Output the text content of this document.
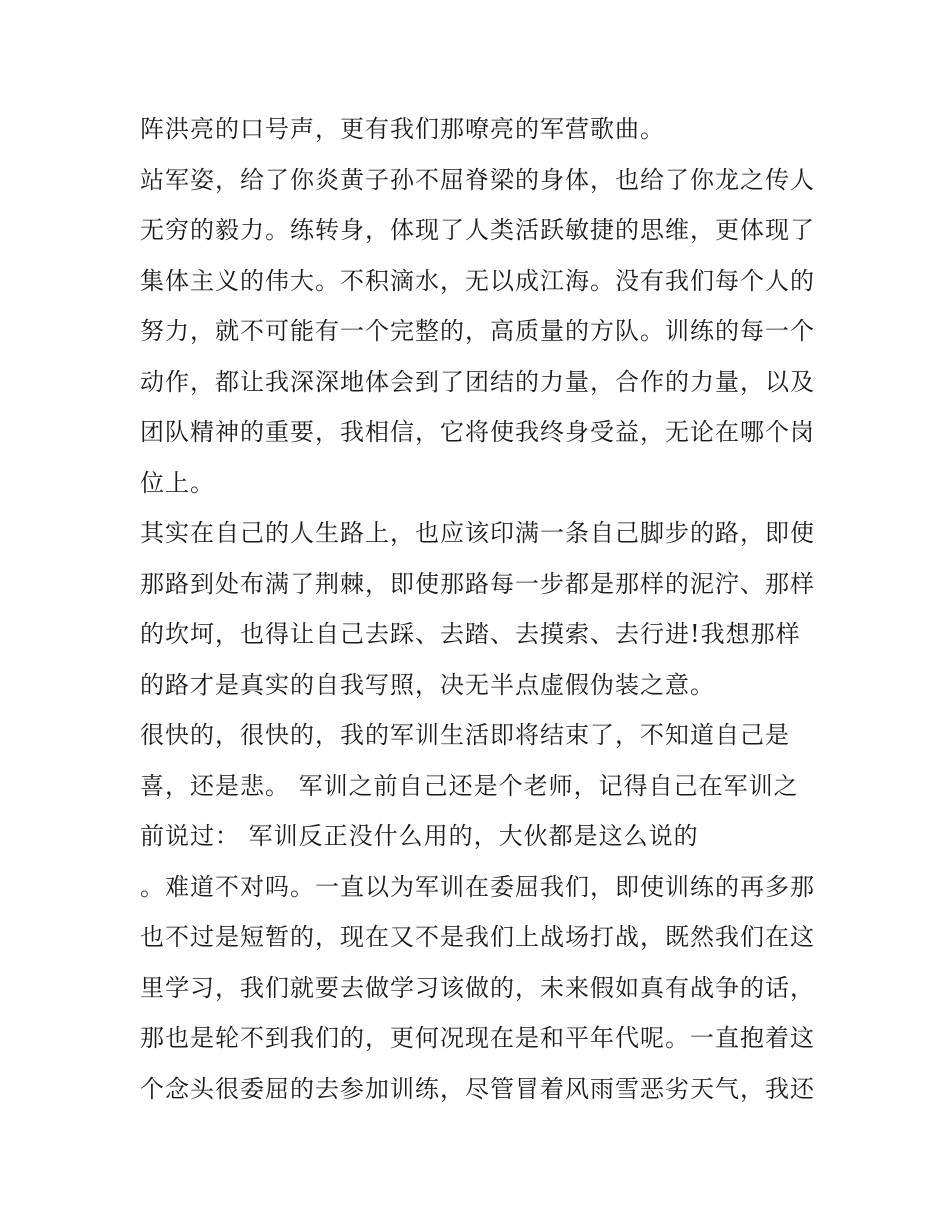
阵洪亮的口号声，更有我们那嘹亮的军营歌曲。
站军姿，给了你炎黄子孙不屈脊梁的身体，也给了你龙之传人
无穷的毅力。练转身，体现了人类活跃敏捷的思维，更体现了
集体主义的伟大。不积滴水，无以成江海。没有我们每个人的
努力，就不可能有一个完整的，高质量的方队。训练的每一个
动作，都让我深深地体会到了团结的力量，合作的力量，以及
团队精神的重要，我相信，它将使我终身受益，无论在哪个岗
位上。
其实在自己的人生路上，也应该印满一条自己脚步的路，即使
那路到处布满了荆棘，即使那路每一步都是那样的泥泞、那样
的坎坷，也得让自己去踩、去踏、去摸索、去行进!我想那样
的路才是真实的自我写照，决无半点虚假伪装之意。
很快的，很快的，我的军训生活即将结束了，不知道自己是
喜，还是悲。 军训之前自己还是个老师，记得自己在军训之
前说过： 军训反正没什么用的，大伙都是这么说的
。难道不对吗。一直以为军训在委屈我们，即使训练的再多那
也不过是短暂的，现在又不是我们上战场打战，既然我们在这
里学习，我们就要去做学习该做的，未来假如真有战争的话，
那也是轮不到我们的，更何况现在是和平年代呢。一直抱着这
个念头很委屈的去参加训练，尽管冒着风雨雪恶劣天气，我还
